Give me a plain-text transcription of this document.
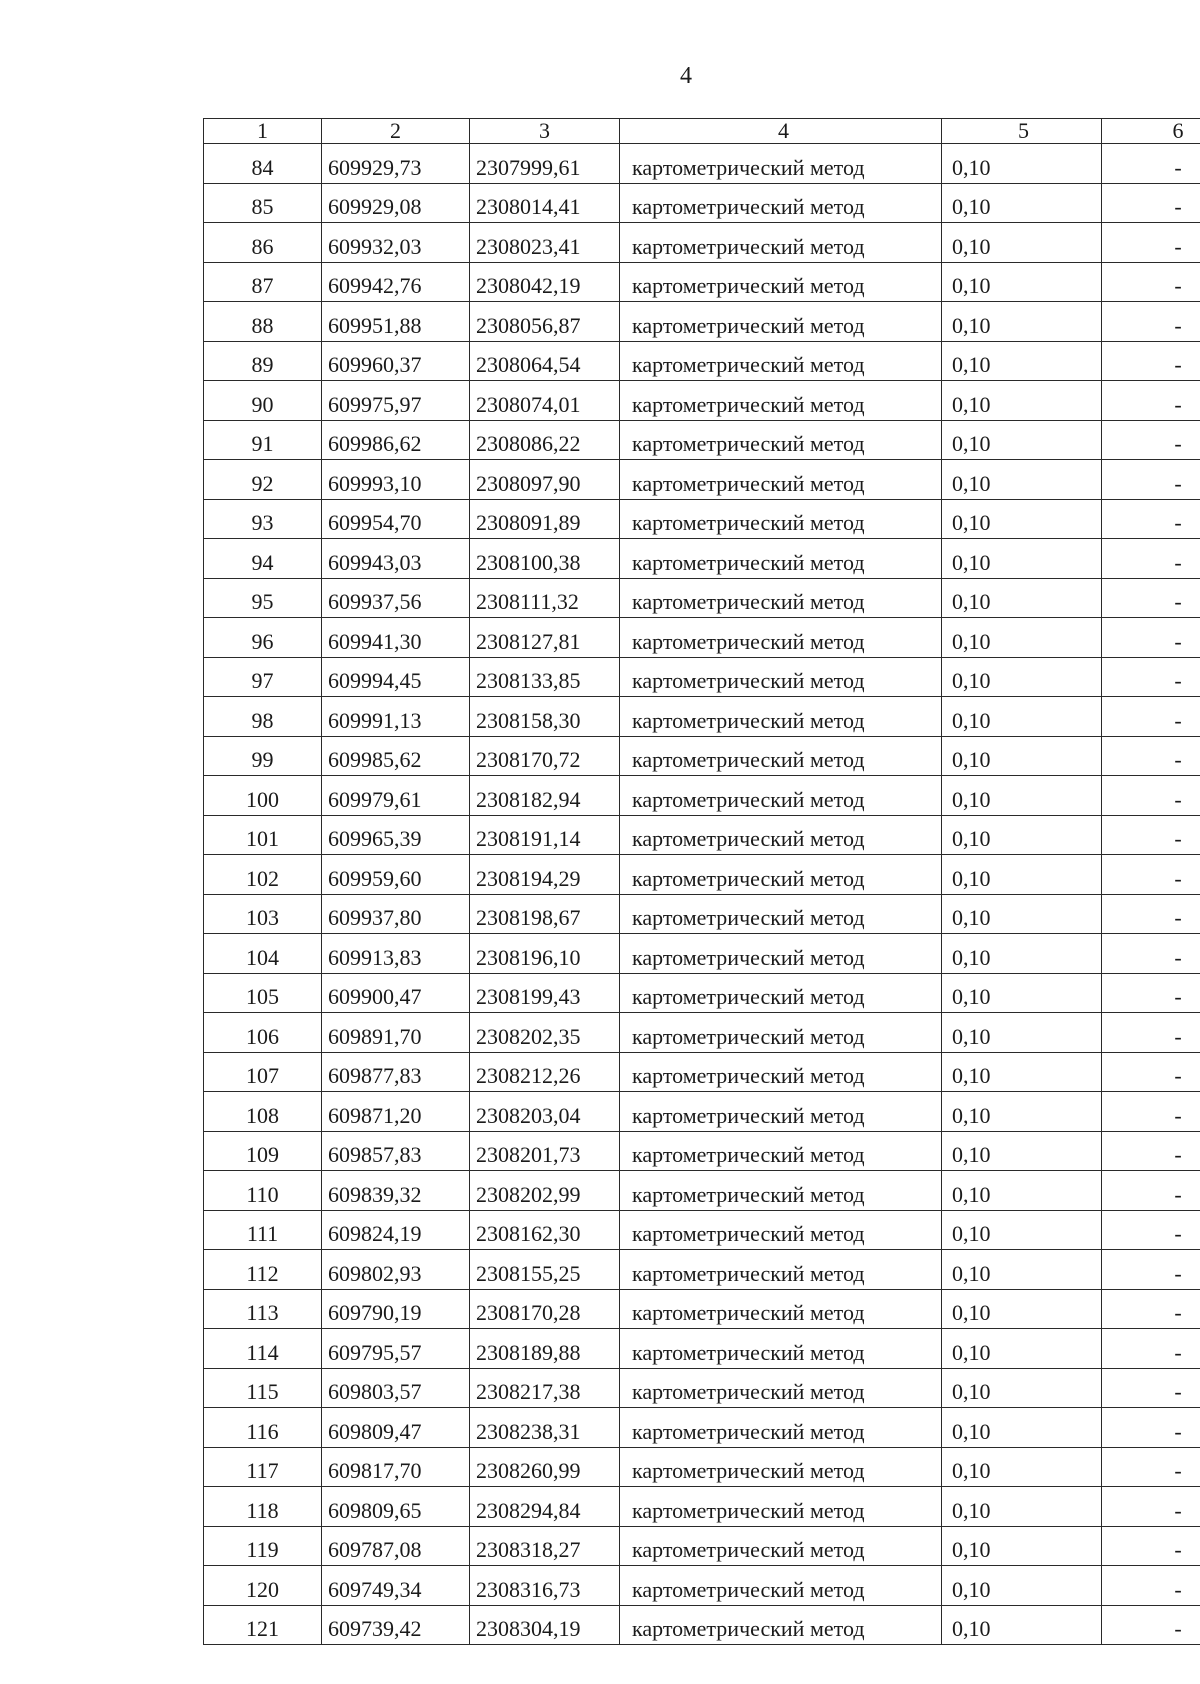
4
1	2	3	4	5	6
84	609929,73	2307999,61	картометрический метод	0,10	-
85	609929,08	2308014,41	картометрический метод	0,10	-
86	609932,03	2308023,41	картометрический метод	0,10	-
87	609942,76	2308042,19	картометрический метод	0,10	-
88	609951,88	2308056,87	картометрический метод	0,10	-
89	609960,37	2308064,54	картометрический метод	0,10	-
90	609975,97	2308074,01	картометрический метод	0,10	-
91	609986,62	2308086,22	картометрический метод	0,10	-
92	609993,10	2308097,90	картометрический метод	0,10	-
93	609954,70	2308091,89	картометрический метод	0,10	-
94	609943,03	2308100,38	картометрический метод	0,10	-
95	609937,56	2308111,32	картометрический метод	0,10	-
96	609941,30	2308127,81	картометрический метод	0,10	-
97	609994,45	2308133,85	картометрический метод	0,10	-
98	609991,13	2308158,30	картометрический метод	0,10	-
99	609985,62	2308170,72	картометрический метод	0,10	-
100	609979,61	2308182,94	картометрический метод	0,10	-
101	609965,39	2308191,14	картометрический метод	0,10	-
102	609959,60	2308194,29	картометрический метод	0,10	-
103	609937,80	2308198,67	картометрический метод	0,10	-
104	609913,83	2308196,10	картометрический метод	0,10	-
105	609900,47	2308199,43	картометрический метод	0,10	-
106	609891,70	2308202,35	картометрический метод	0,10	-
107	609877,83	2308212,26	картометрический метод	0,10	-
108	609871,20	2308203,04	картометрический метод	0,10	-
109	609857,83	2308201,73	картометрический метод	0,10	-
110	609839,32	2308202,99	картометрический метод	0,10	-
111	609824,19	2308162,30	картометрический метод	0,10	-
112	609802,93	2308155,25	картометрический метод	0,10	-
113	609790,19	2308170,28	картометрический метод	0,10	-
114	609795,57	2308189,88	картометрический метод	0,10	-
115	609803,57	2308217,38	картометрический метод	0,10	-
116	609809,47	2308238,31	картометрический метод	0,10	-
117	609817,70	2308260,99	картометрический метод	0,10	-
118	609809,65	2308294,84	картометрический метод	0,10	-
119	609787,08	2308318,27	картометрический метод	0,10	-
120	609749,34	2308316,73	картометрический метод	0,10	-
121	609739,42	2308304,19	картометрический метод	0,10	-
